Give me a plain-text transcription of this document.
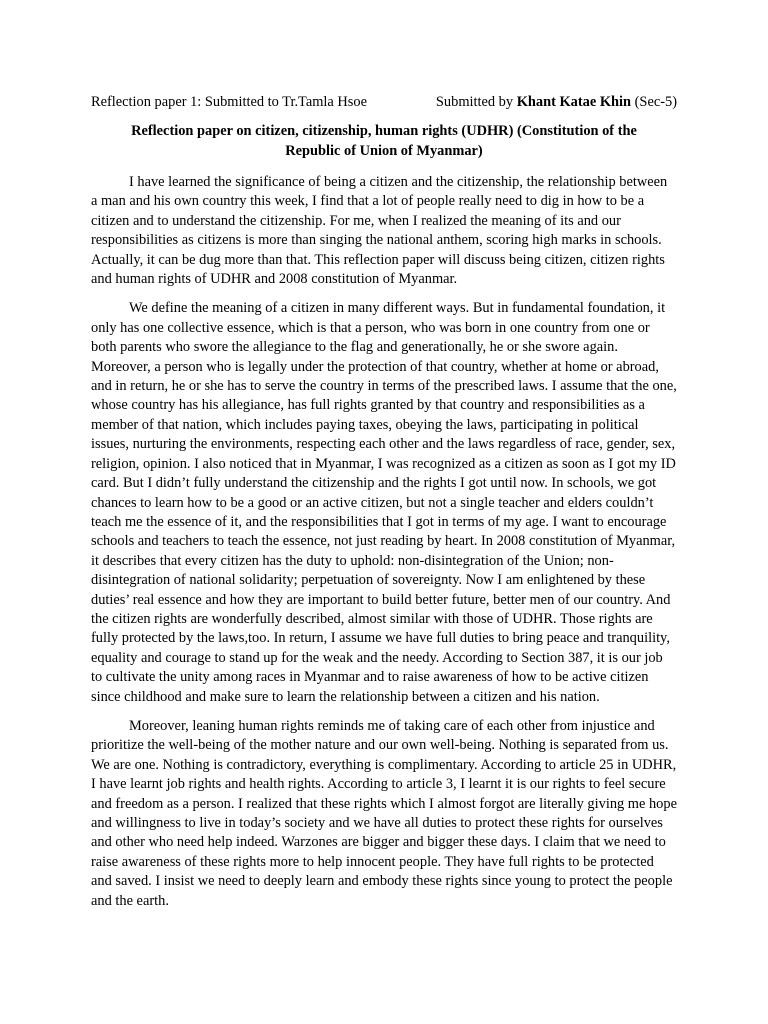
Reflection paper 1: Submitted to Tr.Tamla Hsoe	Submitted by Khant Katae Khin (Sec-5)
Reflection paper on citizen, citizenship, human rights (UDHR) (Constitution of the
Republic of Union of Myanmar)

I have learned the significance of being a citizen and the citizenship, the relationship between a man and his own country this week, I find that a lot of people really need to dig in how to be a citizen and to understand the citizenship. For me, when I realized the meaning of its and our responsibilities as citizens is more than singing the national anthem, scoring high marks in schools. Actually, it can be dug more than that. This reflection paper will discuss being citizen, citizen rights and human rights of UDHR and 2008 constitution of Myanmar.

We define the meaning of a citizen in many different ways. But in fundamental foundation, it only has one collective essence, which is that a person, who was born in one country from one or both parents who swore the allegiance to the flag and generationally, he or she swore again. Moreover, a person who is legally under the protection of that country, whether at home or abroad, and in return, he or she has to serve the country in terms of the prescribed laws. I assume that the one, whose country has his allegiance, has full rights granted by that country and responsibilities as a member of that nation, which includes paying taxes, obeying the laws, participating in political issues, nurturing the environments, respecting each other and the laws regardless of race, gender, sex, religion, opinion. I also noticed that in Myanmar, I was recognized as a citizen as soon as I got my ID card. But I didn’t fully understand the citizenship and the rights I got until now. In schools, we got chances to learn how to be a good or an active citizen, but not a single teacher and elders couldn’t teach me the essence of it, and the responsibilities that I got in terms of my age. I want to encourage schools and teachers to teach the essence, not just reading by heart. In 2008 constitution of Myanmar, it describes that every citizen has the duty to uphold: non-disintegration of the Union; non-disintegration of national solidarity; perpetuation of sovereignty. Now I am enlightened by these duties’ real essence and how they are important to build better future, better men of our country. And the citizen rights are wonderfully described, almost similar with those of UDHR. Those rights are fully protected by the laws,too. In return, I assume we have full duties to bring peace and tranquility, equality and courage to stand up for the weak and the needy. According to Section 387, it is our job to cultivate the unity among races in Myanmar and to raise awareness of how to be active citizen since childhood and make sure to learn the relationship between a citizen and his nation.

Moreover, leaning human rights reminds me of taking care of each other from injustice and prioritize the well-being of the mother nature and our own well-being. Nothing is separated from us. We are one. Nothing is contradictory, everything is complimentary. According to article 25 in UDHR, I have learnt job rights and health rights. According to article 3, I learnt it is our rights to feel secure and freedom as a person. I realized that these rights which I almost forgot are literally giving me hope and willingness to live in today’s society and we have all duties to protect these rights for ourselves and other who need help indeed. Warzones are bigger and bigger these days. I claim that we need to raise awareness of these rights more to help innocent people. They have full rights to be protected and saved. I insist we need to deeply learn and embody these rights since young to protect the people and the earth.
